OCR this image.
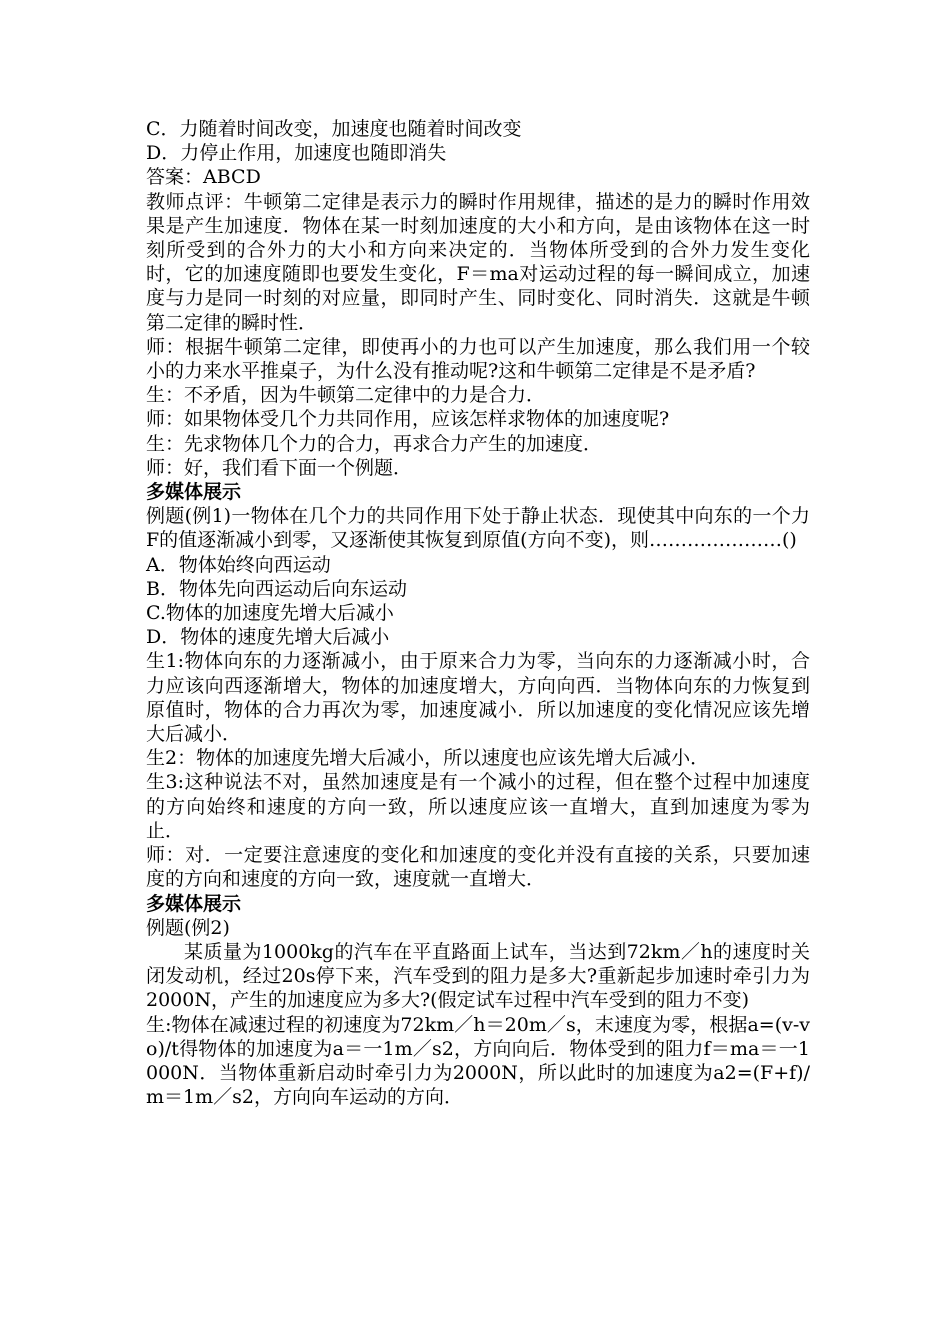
C．力随着时间改变，加速度也随着时间改变

D．力停止作用，加速度也随即消失

答案：ABCD

教师点评：牛顿第二定律是表示力的瞬时作用规律，描述的是力的瞬时作用效果是产生加速度．物体在某一时刻加速度的大小和方向，是由该物体在这一时刻所受到的合外力的大小和方向来决定的．当物体所受到的合外力发生变化时，它的加速度随即也要发生变化，F＝ma对运动过程的每一瞬间成立，加速度与力是同一时刻的对应量，即同时产生、同时变化、同时消失．这就是牛顿第二定律的瞬时性．

师：根据牛顿第二定律，即使再小的力也可以产生加速度，那么我们用一个较小的力来水平推桌子，为什么没有推动呢?这和牛顿第二定律是不是矛盾?

生：不矛盾，因为牛顿第二定律中的力是合力．

师：如果物体受几个力共同作用，应该怎样求物体的加速度呢?

生：先求物体几个力的合力，再求合力产生的加速度．

师：好，我们看下面一个例题．

多媒体展示

例题(例1)一物体在几个力的共同作用下处于静止状态．现使其中向东的一个力F的值逐渐减小到零，又逐渐使其恢复到原值(方向不变)，则…………………()

A．物体始终向西运动

B．物体先向西运动后向东运动

C.物体的加速度先增大后减小

D．物体的速度先增大后减小

生1:物体向东的力逐渐减小，由于原来合力为零，当向东的力逐渐减小时，合力应该向西逐渐增大，物体的加速度增大，方向向西．当物体向东的力恢复到原值时，物体的合力再次为零，加速度减小．所以加速度的变化情况应该先增大后减小．

生2：物体的加速度先增大后减小，所以速度也应该先增大后减小．

生3:这种说法不对，虽然加速度是有一个减小的过程，但在整个过程中加速度的方向始终和速度的方向一致，所以速度应该一直增大，直到加速度为零为止．

师：对．一定要注意速度的变化和加速度的变化并没有直接的关系，只要加速度的方向和速度的方向一致，速度就一直增大．

多媒体展示

例题(例2)

某质量为1000kg的汽车在平直路面上试车，当达到72km／h的速度时关闭发动机，经过20s停下来，汽车受到的阻力是多大?重新起步加速时牵引力为2000N，产生的加速度应为多大?(假定试车过程中汽车受到的阻力不变)

生:物体在减速过程的初速度为72km／h＝20m／s，末速度为零，根据a=(v-vo)/t得物体的加速度为a＝一1m／s2，方向向后．物体受到的阻力f＝ma＝一1000N．当物体重新启动时牵引力为2000N，所以此时的加速度为a2=(F+f)/m＝1m／s2，方向向车运动的方向．
